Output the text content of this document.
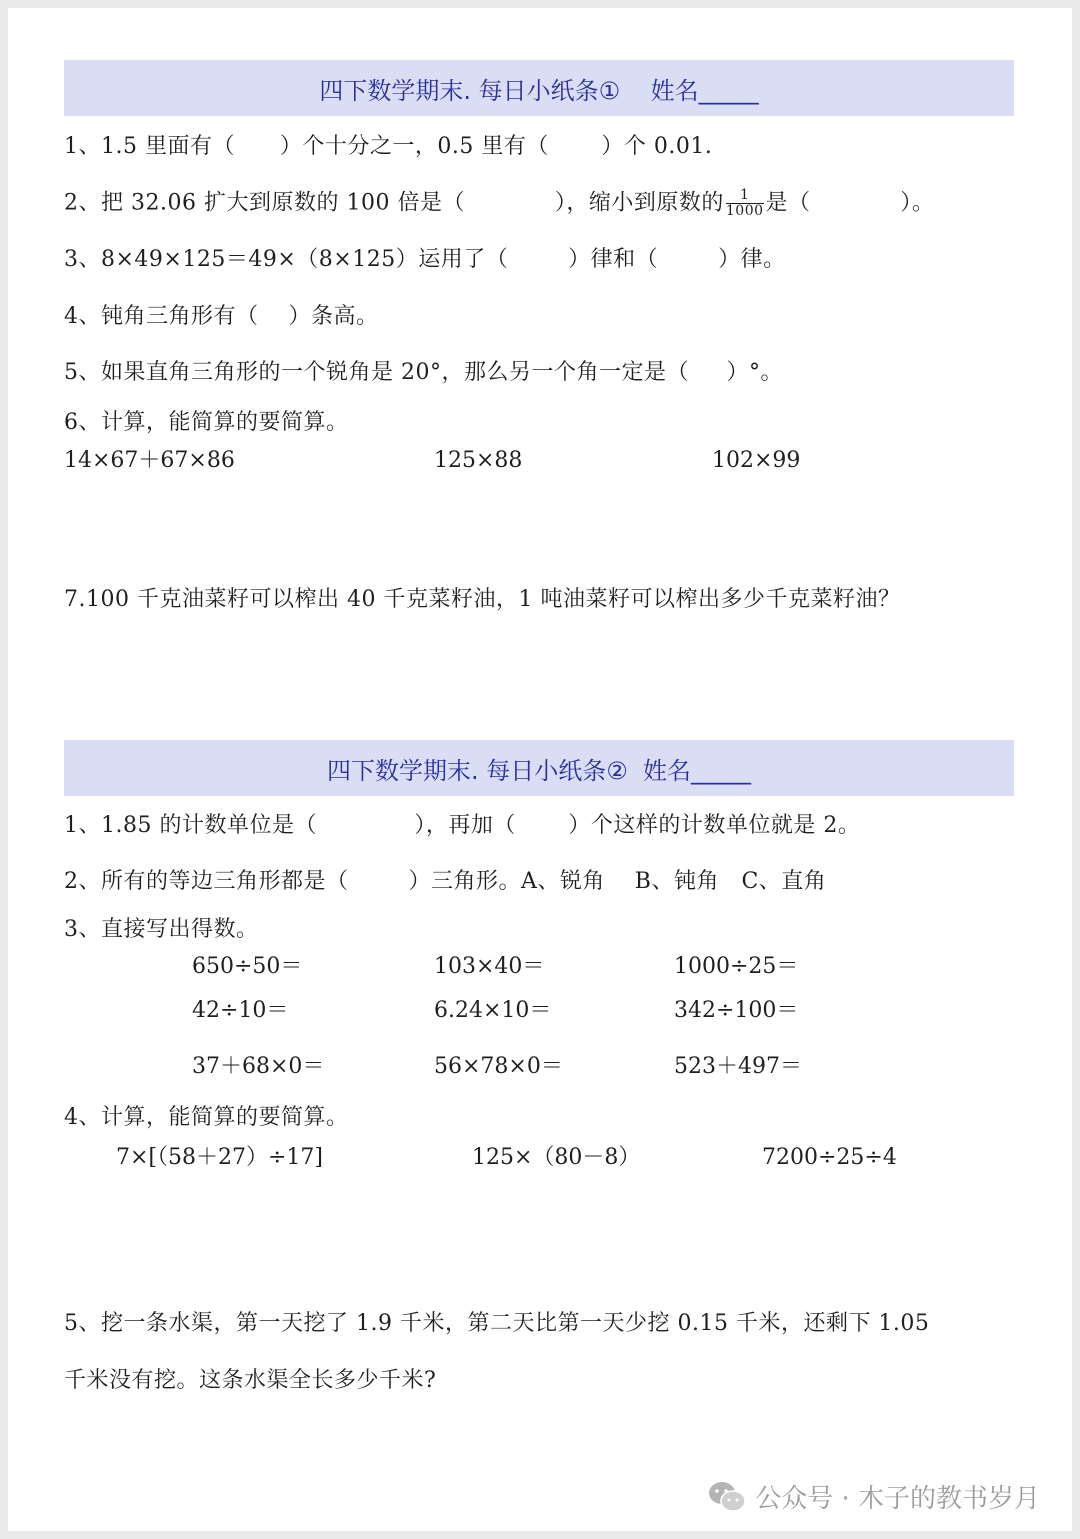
四下数学期末. 每日小纸条①    姓名_____
1、1.5 里面有（      ）个十分之一，0.5 里有（       ）个 0.01.
2、把 32.06 扩大到原数的 100 倍是（            ），缩小到原数的 $\frac{1}{1000}$ 是（            ）。
3、8×49×125＝49×（8×125）运用了（        ）律和（        ）律。
4、钝角三角形有（    ）条高。
5、如果直角三角形的一个锐角是 20°，那么另一个角一定是（     ）°。
6、计算，能简算的要简算。
14×67＋67×86	125×88	102×99
7.100 千克油菜籽可以榨出 40 千克菜籽油，1 吨油菜籽可以榨出多少千克菜籽油？
四下数学期末. 每日小纸条②  姓名_____
1、1.85 的计数单位是（             ），再加（       ）个这样的计数单位就是 2。
2、所有的等边三角形都是（        ）三角形。A、锐角    B、钝角   C、直角
3、直接写出得数。
650÷50＝	103×40＝	1000÷25＝
42÷10＝	6.24×10＝	342÷100＝
37＋68×0＝	56×78×0＝	523＋497＝
4、计算，能简算的要简算。
7×[（58＋27）÷17]	125×（80－8）	7200÷25÷4
5、挖一条水渠，第一天挖了 1.9 千米，第二天比第一天少挖 0.15 千米，还剩下 1.05
千米没有挖。这条水渠全长多少千米?
公众号 · 木子的教书岁月
